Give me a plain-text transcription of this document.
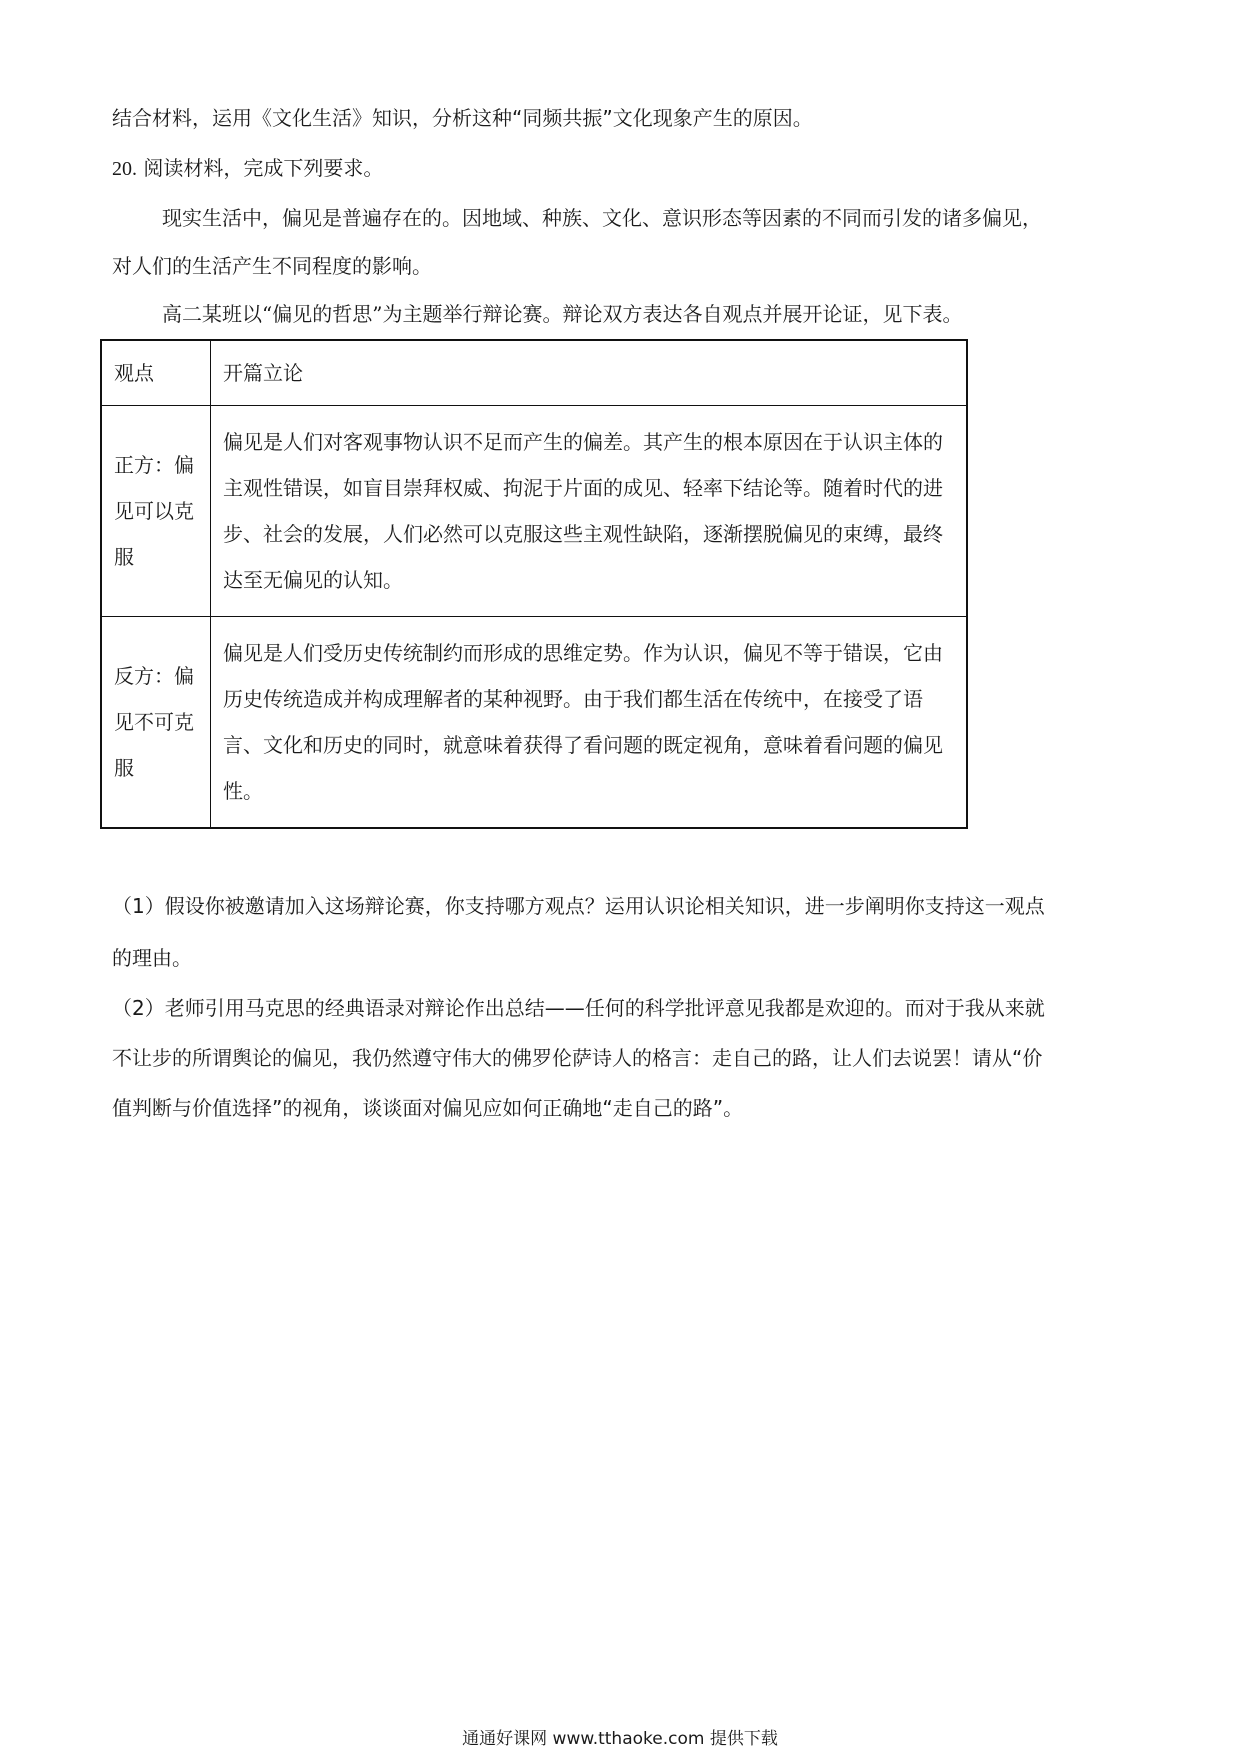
结合材料，运用《文化生活》知识，分析这种“同频共振”文化现象产生的原因。
20. 阅读材料，完成下列要求。
现实生活中，偏见是普遍存在的。因地域、种族、文化、意识形态等因素的不同而引发的诸多偏见，
对人们的生活产生不同程度的影响。
高二某班以“偏见的哲思”为主题举行辩论赛。辩论双方表达各自观点并展开论证，见下表。
观点	开篇立论

正方：偏见可以克服	偏见是人们对客观事物认识不足而产生的偏差。其产生的根本原因在于认识主体的主观性错误，如盲目崇拜权威、拘泥于片面的成见、轻率下结论等。随着时代的进步、社会的发展，人们必然可以克服这些主观性缺陷，逐渐摆脱偏见的束缚，最终达至无偏见的认知。

反方：偏见不可克服	偏见是人们受历史传统制约而形成的思维定势。作为认识，偏见不等于错误，它由历史传统造成并构成理解者的某种视野。由于我们都生活在传统中，在接受了语言、文化和历史的同时，就意味着获得了看问题的既定视角，意味着看问题的偏见性。
（1）假设你被邀请加入这场辩论赛，你支持哪方观点？运用认识论相关知识，进一步阐明你支持这一观点
的理由。
（2）老师引用马克思的经典语录对辩论作出总结——任何的科学批评意见我都是欢迎的。而对于我从来就
不让步的所谓舆论的偏见，我仍然遵守伟大的佛罗伦萨诗人的格言：走自己的路，让人们去说罢！请从“价
值判断与价值选择”的视角，谈谈面对偏见应如何正确地“走自己的路”。
通通好课网 www.tthaoke.com 提供下载
